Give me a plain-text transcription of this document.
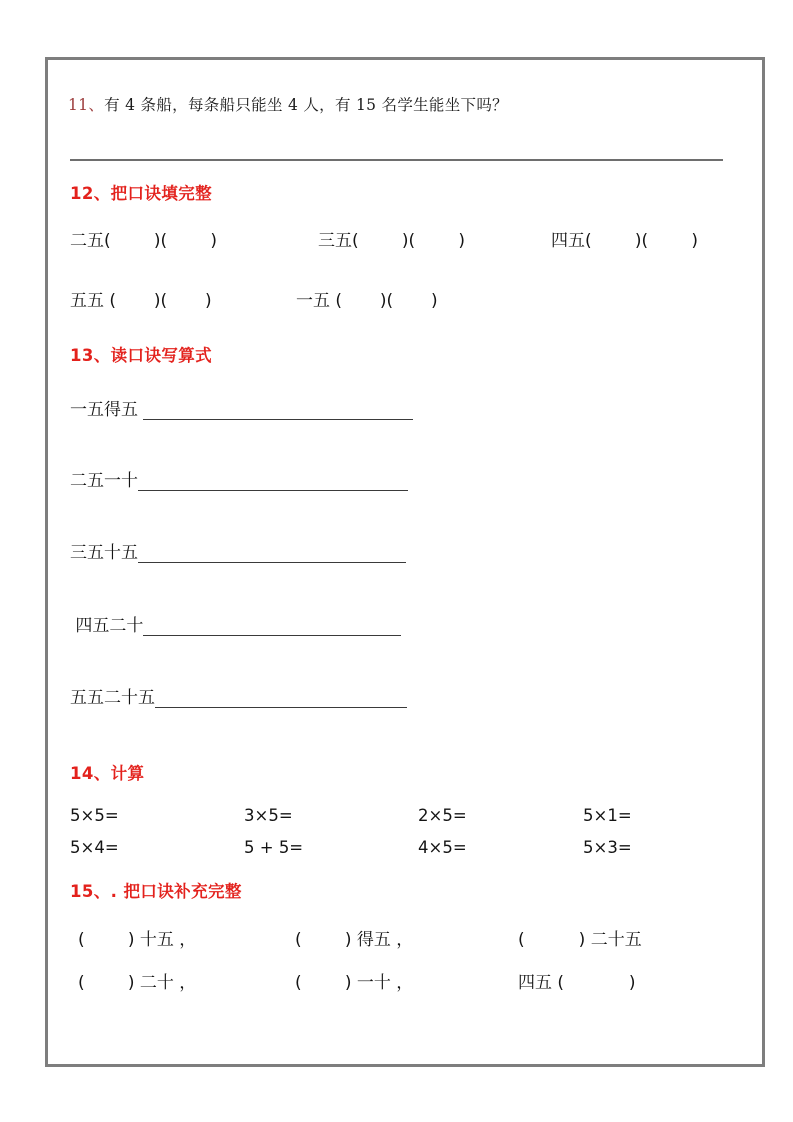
11、有 4 条船，每条船只能坐 4 人，有 15 名学生能坐下吗？
12、把口诀填完整
二五(        )(        )	三五(        )(        )	四五(        )(        )
五五 (       )(       )	一五 (       )(       )
13、读口诀写算式
一五得五
二五一十
三五十五
四五二十
五五二十五
14、计算
5×5=	3×5=	2×5=	5×1=
5×4=	5 + 5=	4×5=	5×3=
15、. 把口诀补充完整
(        ) 十五 ，	(        ) 得五 ，	(          ) 二十五
(        ) 二十 ，	(        ) 一十 ，	四五 (            )
